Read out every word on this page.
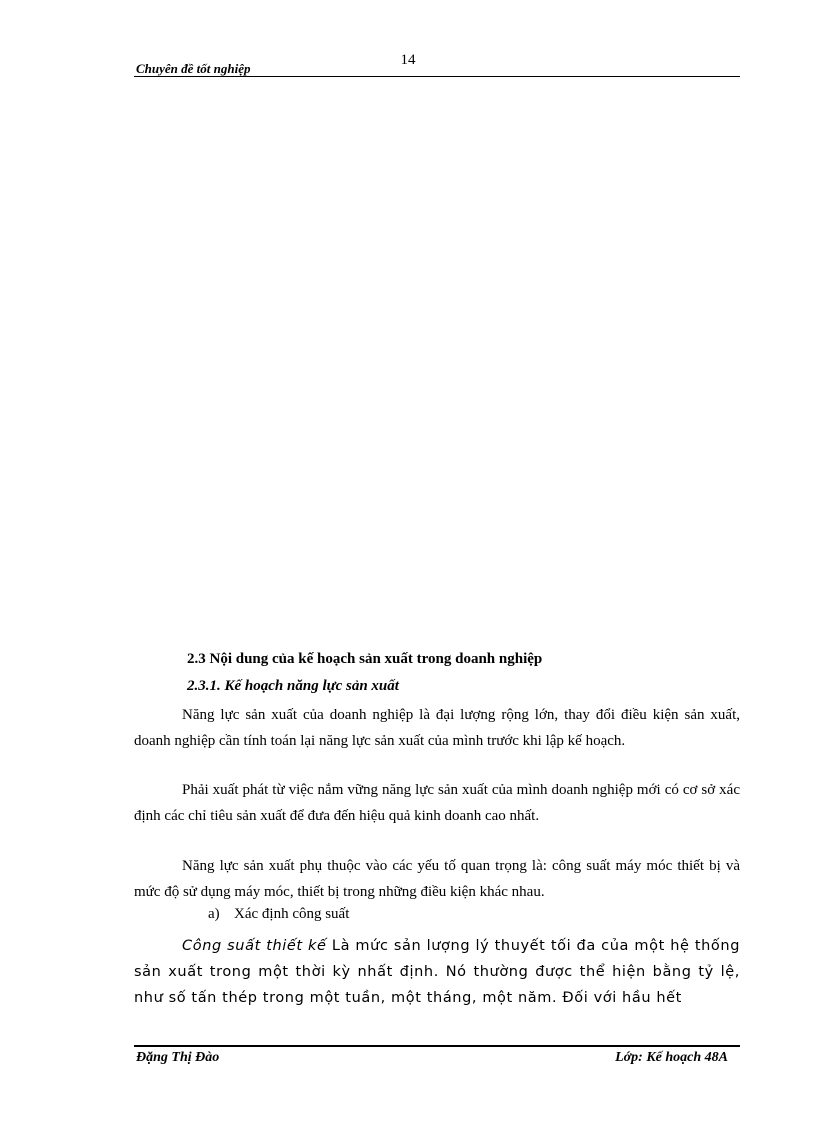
14
Chuyên đề tốt nghiệp
2.3 Nội dung của kế hoạch sản xuất trong doanh nghiệp
2.3.1. Kế hoạch năng lực sản xuất

Năng lực sản xuất của doanh nghiệp là đại lượng rộng lớn, thay đổi điều kiện sản xuất, doanh nghiệp cần tính toán lại năng lực sản xuất của mình trước khi lập kế hoạch.

Phải xuất phát từ việc nắm vững năng lực sản xuất của mình doanh nghiệp mới có cơ sở xác định các chỉ tiêu sản xuất để đưa đến hiệu quả kinh doanh cao nhất.

Năng lực sản xuất phụ thuộc vào các yếu tố quan trọng là: công suất máy móc thiết bị và mức độ sử dụng máy móc, thiết bị trong những điều kiện khác nhau.

a) Xác định công suất

Công suất thiết kế Là mức sản lượng lý thuyết tối đa của một hệ thống sản xuất trong một thời kỳ nhất định. Nó thường được thể hiện bằng tỷ lệ, như số tấn thép trong một tuần, một tháng, một năm. Đối với hầu hết

Đặng Thị Đào	Lớp: Kế hoạch 48A
